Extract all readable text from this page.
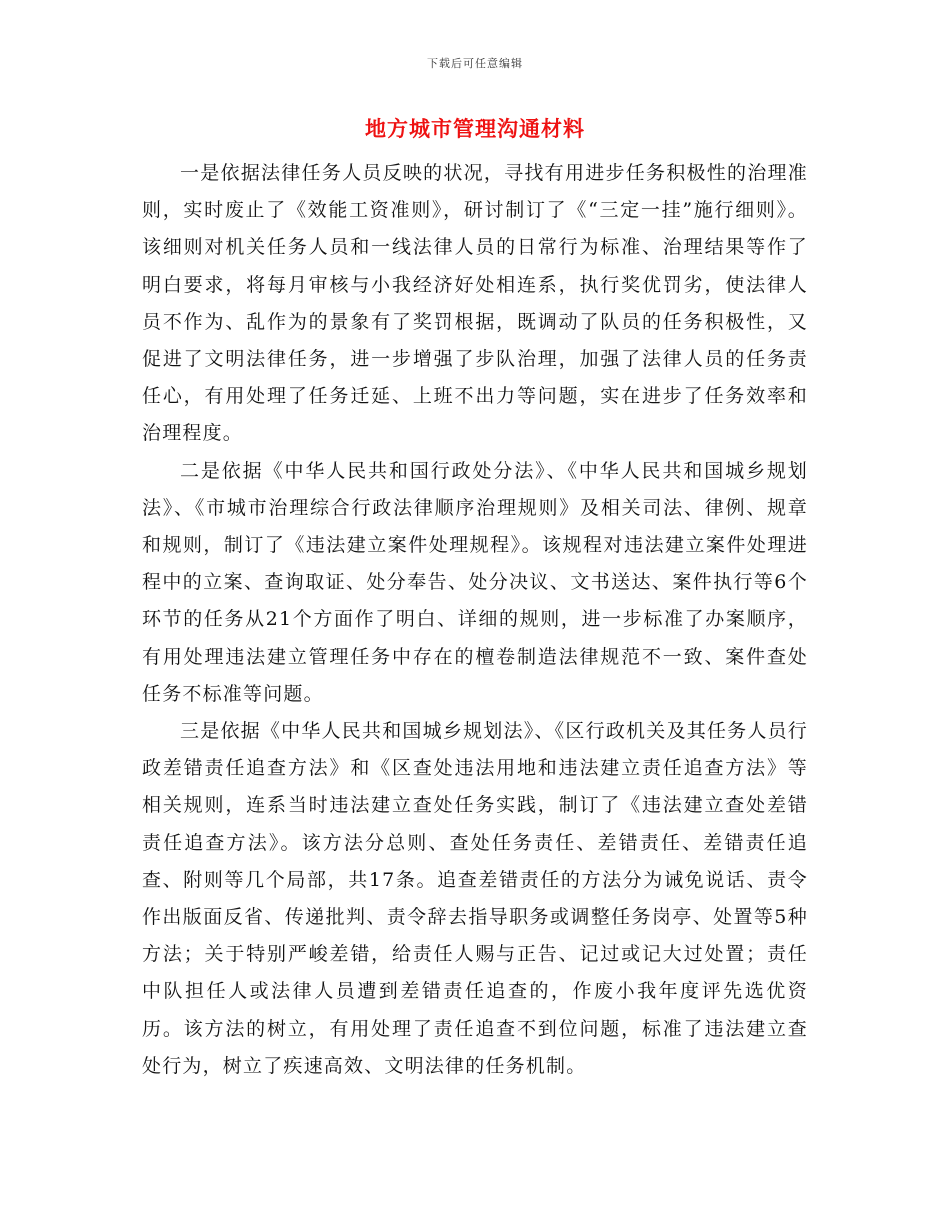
下载后可任意编辑
地方城市管理沟通材料

一是依据法律任务人员反映的状况，寻找有用进步任务积极性的治理准则，实时废止了《效能工资准则》，研讨制订了《“三定一挂”施行细则》。该细则对机关任务人员和一线法律人员的日常行为标准、治理结果等作了明白要求，将每月审核与小我经济好处相连系，执行奖优罚劣，使法律人员不作为、乱作为的景象有了奖罚根据，既调动了队员的任务积极性，又促进了文明法律任务，进一步增强了步队治理，加强了法律人员的任务责任心，有用处理了任务迁延、上班不出力等问题，实在进步了任务效率和治理程度。

二是依据《中华人民共和国行政处分法》、《中华人民共和国城乡规划法》、《市城市治理综合行政法律顺序治理规则》及相关司法、律例、规章和规则，制订了《违法建立案件处理规程》。该规程对违法建立案件处理进程中的立案、查询取证、处分奉告、处分决议、文书送达、案件执行等6个环节的任务从21个方面作了明白、详细的规则，进一步标准了办案顺序，有用处理违法建立管理任务中存在的檀卷制造法律规范不一致、案件查处任务不标准等问题。

三是依据《中华人民共和国城乡规划法》、《区行政机关及其任务人员行政差错责任追查方法》和《区查处违法用地和违法建立责任追查方法》等相关规则，连系当时违法建立查处任务实践，制订了《违法建立查处差错责任追查方法》。该方法分总则、查处任务责任、差错责任、差错责任追查、附则等几个局部，共17条。追查差错责任的方法分为诫免说话、责令作出版面反省、传递批判、责令辞去指导职务或调整任务岗亭、处置等5种方法；关于特别严峻差错，给责任人赐与正告、记过或记大过处置；责任中队担任人或法律人员遭到差错责任追查的，作废小我年度评先选优资历。该方法的树立，有用处理了责任追查不到位问题，标准了违法建立查处行为，树立了疾速高效、文明法律的任务机制。
